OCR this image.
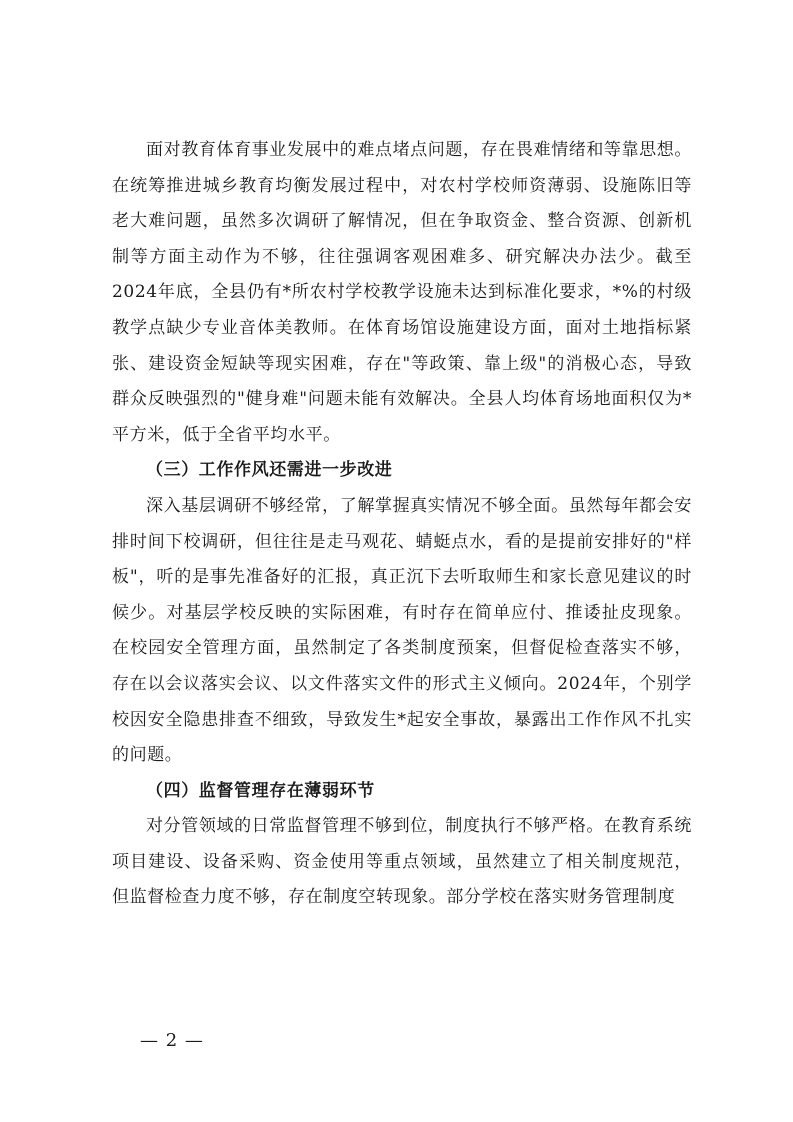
面对教育体育事业发展中的难点堵点问题，存在畏难情绪和等靠思想。在统筹推进城乡教育均衡发展过程中，对农村学校师资薄弱、设施陈旧等老大难问题，虽然多次调研了解情况，但在争取资金、整合资源、创新机制等方面主动作为不够，往往强调客观困难多、研究解决办法少。截至2024年底，全县仍有*所农村学校教学设施未达到标准化要求，*%的村级教学点缺少专业音体美教师。在体育场馆设施建设方面，面对土地指标紧张、建设资金短缺等现实困难，存在"等政策、靠上级"的消极心态，导致群众反映强烈的"健身难"问题未能有效解决。全县人均体育场地面积仅为*平方米，低于全省平均水平。

（三）工作作风还需进一步改进

深入基层调研不够经常，了解掌握真实情况不够全面。虽然每年都会安排时间下校调研，但往往是走马观花、蜻蜓点水，看的是提前安排好的"样板"，听的是事先准备好的汇报，真正沉下去听取师生和家长意见建议的时候少。对基层学校反映的实际困难，有时存在简单应付、推诿扯皮现象。在校园安全管理方面，虽然制定了各类制度预案，但督促检查落实不够，存在以会议落实会议、以文件落实文件的形式主义倾向。2024年，个别学校因安全隐患排查不细致，导致发生*起安全事故，暴露出工作作风不扎实的问题。

（四）监督管理存在薄弱环节

对分管领域的日常监督管理不够到位，制度执行不够严格。在教育系统项目建设、设备采购、资金使用等重点领域，虽然建立了相关制度规范，但监督检查力度不够，存在制度空转现象。部分学校在落实财务管理制度

— 2 —
